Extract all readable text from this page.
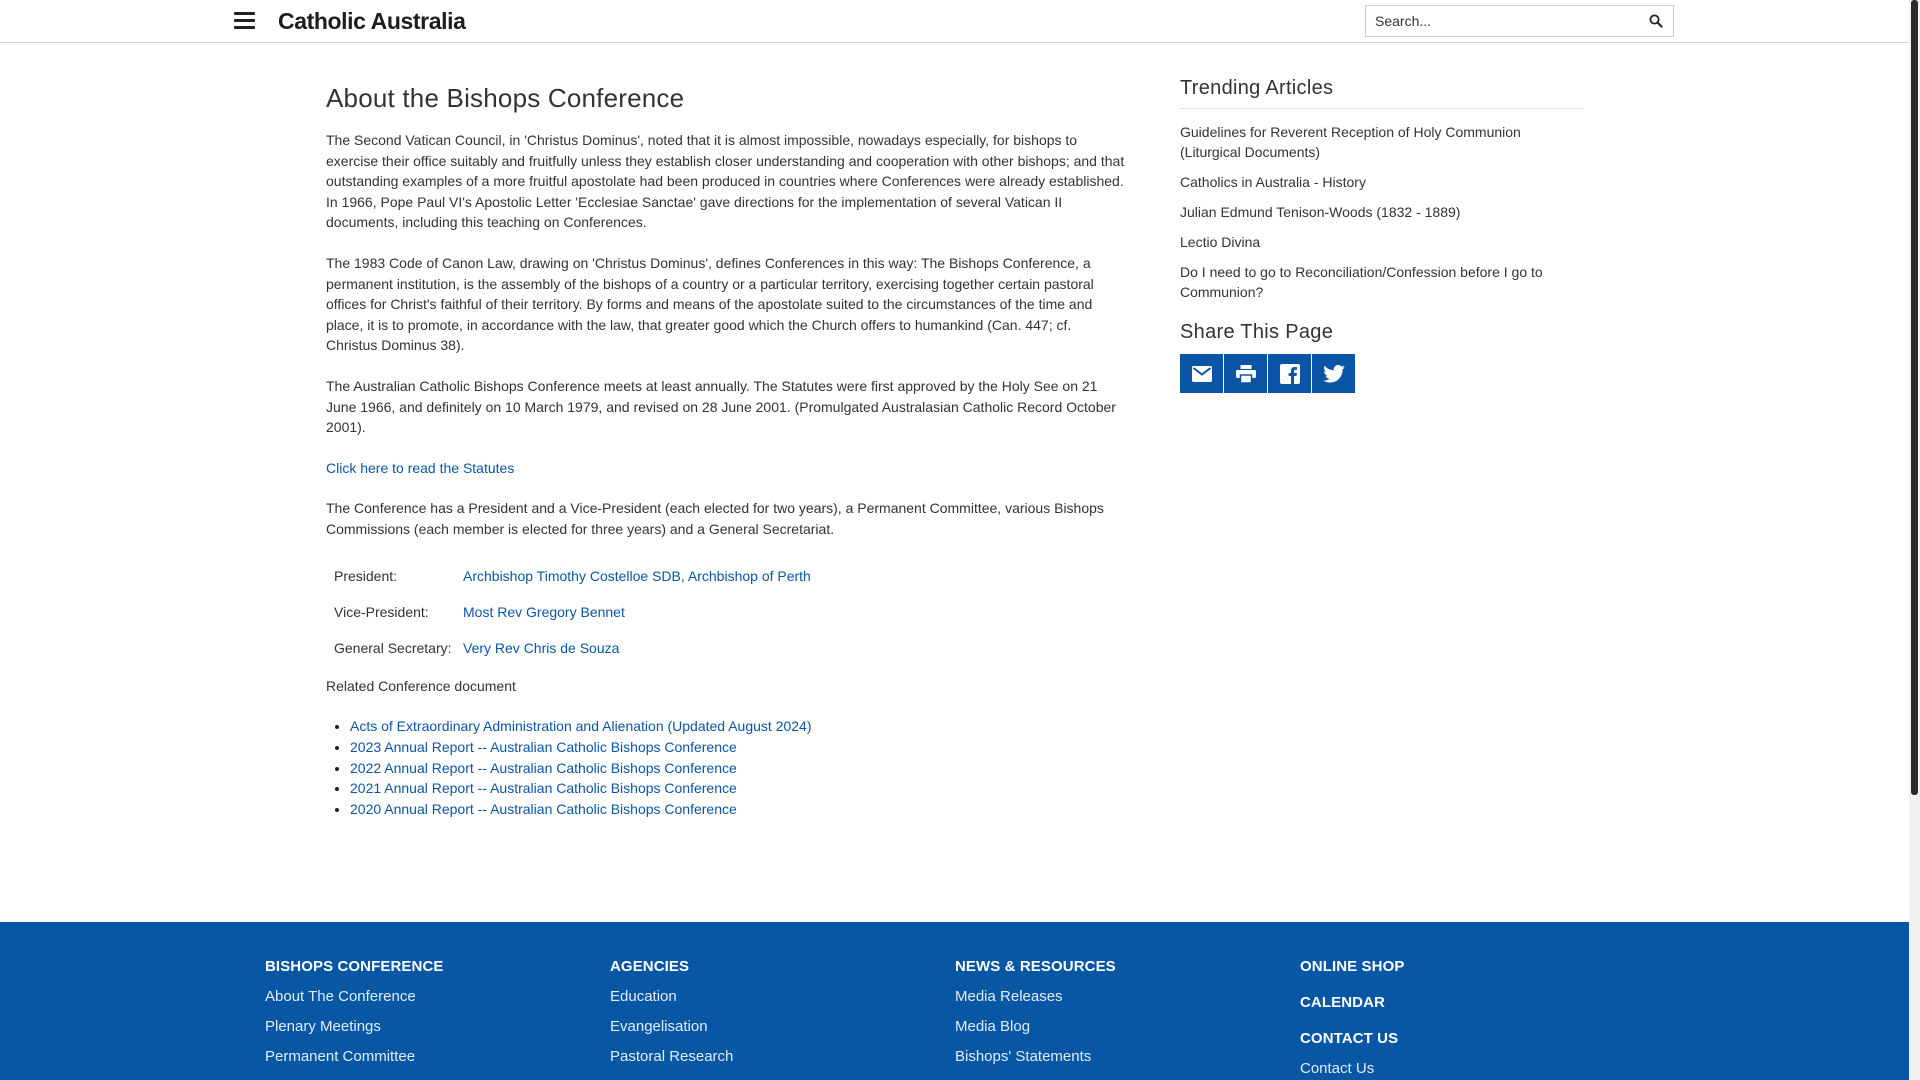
Catholic Australia
Search...
About the Bishops Conference

The Second Vatican Council, in 'Christus Dominus', noted that it is almost impossible, nowadays especially, for bishops to exercise their office suitably and fruitfully unless they establish closer understanding and cooperation with other bishops; and that outstanding examples of a more fruitful apostolate had been produced in countries where Conferences were already established. In 1966, Pope Paul VI's Apostolic Letter 'Ecclesiae Sanctae' gave directions for the implementation of several Vatican II documents, including this teaching on Conferences.

The 1983 Code of Canon Law, drawing on 'Christus Dominus', defines Conferences in this way: The Bishops Conference, a permanent institution, is the assembly of the bishops of a country or a particular territory, exercising together certain pastoral offices for Christ's faithful of their territory. By forms and means of the apostolate suited to the circumstances of the time and place, it is to promote, in accordance with the law, that greater good which the Church offers to humankind (Can. 447; cf. Christus Dominus 38).

The Australian Catholic Bishops Conference meets at least annually. The Statutes were first approved by the Holy See on 21 June 1966, and definitely on 10 March 1979, and revised on 28 June 2001. (Promulgated Australasian Catholic Record October 2001).

Click here to read the Statutes

The Conference has a President and a Vice-President (each elected for two years), a Permanent Committee, various Bishops Commissions (each member is elected for three years) and a General Secretariat.

President:	Archbishop Timothy Costelloe SDB, Archbishop of Perth
Vice-President:	Most Rev Gregory Bennet
General Secretary:	Very Rev Chris de Souza

Related Conference document

• Acts of Extraordinary Administration and Alienation (Updated August 2024)
• 2023 Annual Report -- Australian Catholic Bishops Conference
• 2022 Annual Report -- Australian Catholic Bishops Conference
• 2021 Annual Report -- Australian Catholic Bishops Conference
• 2020 Annual Report -- Australian Catholic Bishops Conference
Trending Articles
Guidelines for Reverent Reception of Holy Communion (Liturgical Documents)
Catholics in Australia - History
Julian Edmund Tenison-Woods (1832 - 1889)
Lectio Divina
Do I need to go to Reconciliation/Confession before I go to Communion?
Share This Page
BISHOPS CONFERENCE
About The Conference
Plenary Meetings
Permanent Committee
AGENCIES
Education
Evangelisation
Pastoral Research
NEWS & RESOURCES
Media Releases
Media Blog
Bishops' Statements
ONLINE SHOP
CALENDAR
CONTACT US
Contact Us
